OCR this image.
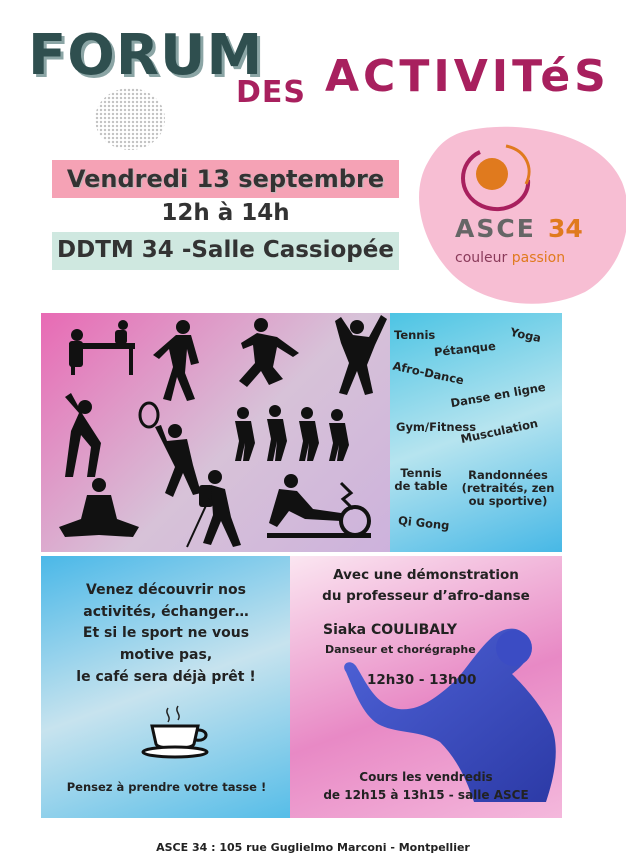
FORUM
DES ACTIVITéS
Vendredi 13 septembre
12h à 14h
DDTM 34 -Salle Cassiopée
ASCE 34
couleur passion
Tennis
Pétanque
Yoga
Afro-Dance
Danse en ligne
Gym/Fitness
Musculation
Tennis de table
Randonnées (retraités, zen ou sportive)
Qi Gong
Venez découvrir nos
activités, échanger…
Et si le sport ne vous
motive pas,
le café sera déjà prêt !
Pensez à prendre votre tasse !
Avec une démonstration
du professeur d’afro-danse
Siaka COULIBALY
Danseur et chorégraphe
12h30 - 13h00
Cours les vendredis
de 12h15 à 13h15 - salle ASCE
ASCE 34 : 105 rue Guglielmo Marconi - Montpellier
